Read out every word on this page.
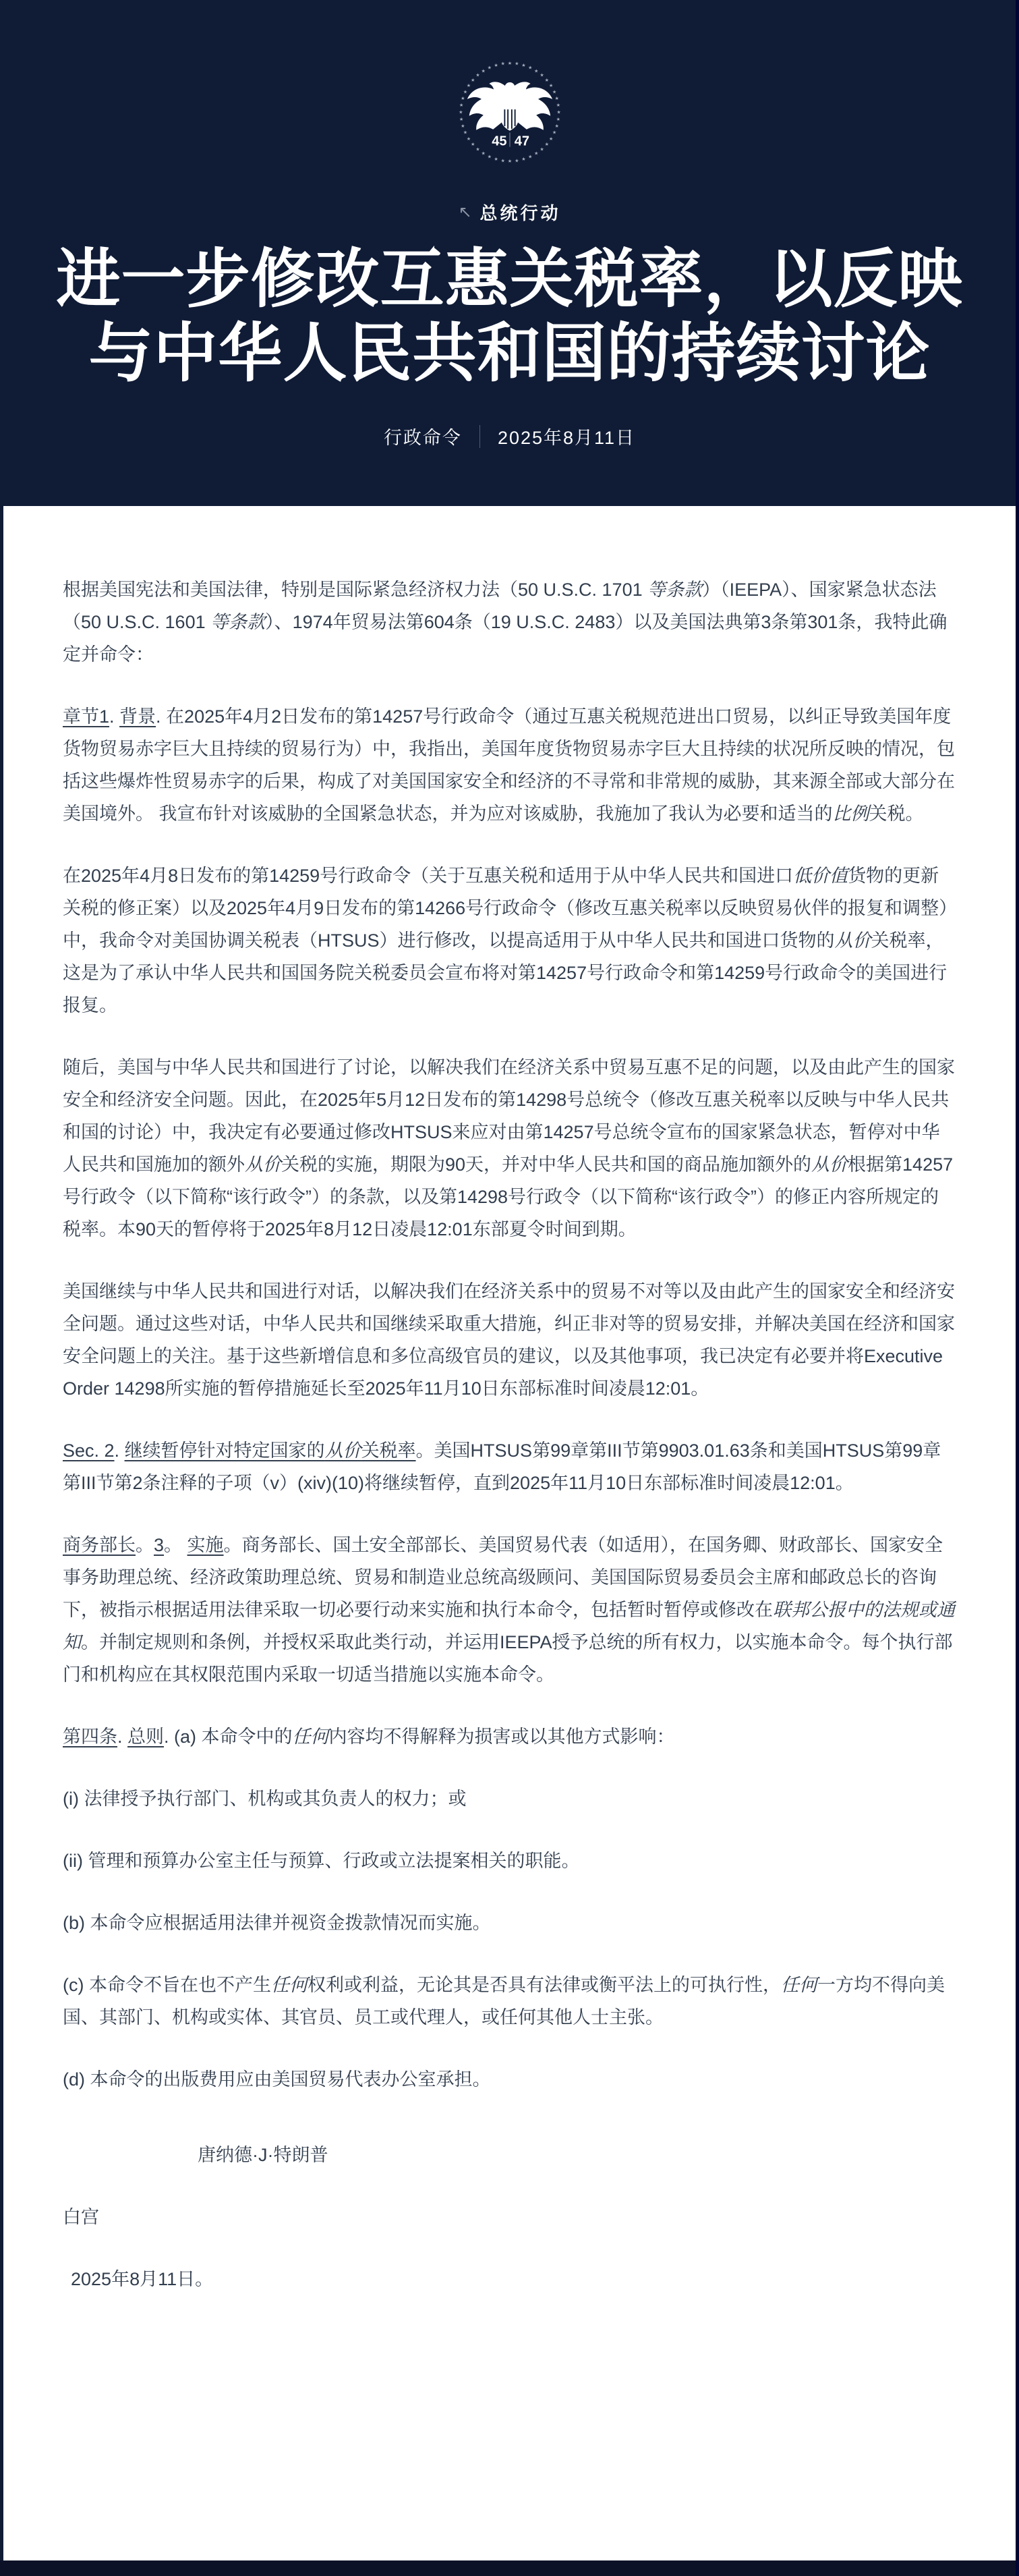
★ ★ ★ ★
★
★
★
★
★
★
★
★
★
★
★
★
★
★
★
★
★
★
★
★
★
★
★
★
★
★
★
★
★
★
★
★
★
★
★
★
★
★ ★ ★
45 47
↖ 总统行动
进一步修改互惠关税率，以反映
与中华人民共和国的持续讨论
行政命令 2025年8月11日

根据美国宪法和美国法律，特别是国际紧急经济权力法（50 U.S.C. 1701 等条款）（IEEPA）、国家紧急状态法（50 U.S.C. 1601 等条款）、1974年贸易法第604条（19 U.S.C. 2483）以及美国法典第3条第301条，我特此确定并命令：

章节1. 背景. 在2025年4月2日发布的第14257号行政命令（通过互惠关税规范进出口贸易，以纠正导致美国年度货物贸易赤字巨大且持续的贸易行为）中，我指出，美国年度货物贸易赤字巨大且持续的状况所反映的情况，包括这些爆炸性贸易赤字的后果，构成了对美国国家安全和经济的不寻常和非常规的威胁，其来源全部或大部分在美国境外。 我宣布针对该威胁的全国紧急状态，并为应对该威胁，我施加了我认为必要和适当的比例关税。

在2025年4月8日发布的第14259号行政命令（关于互惠关税和适用于从中华人民共和国进口低价值货物的更新关税的修正案）以及2025年4月9日发布的第14266号行政命令（修改互惠关税率以反映贸易伙伴的报复和调整）中，我命令对美国协调关税表（HTSUS）进行修改，以提高适用于从中华人民共和国进口货物的从价关税率，这是为了承认中华人民共和国国务院关税委员会宣布将对第14257号行政命令和第14259号行政命令的美国进行报复。

随后，美国与中华人民共和国进行了讨论，以解决我们在经济关系中贸易互惠不足的问题，以及由此产生的国家安全和经济安全问题。因此，在2025年5月12日发布的第14298号总统令（修改互惠关税率以反映与中华人民共和国的讨论）中，我决定有必要通过修改HTSUS来应对由第14257号总统令宣布的国家紧急状态，暂停对中华人民共和国施加的额外从价关税的实施，期限为90天，并对中华人民共和国的商品施加额外的从价根据第14257号行政令（以下简称“该行政令”）的条款，以及第14298号行政令（以下简称“该行政令”）的修正内容所规定的税率。本90天的暂停将于2025年8月12日凌晨12:01东部夏令时间到期。

美国继续与中华人民共和国进行对话，以解决我们在经济关系中的贸易不对等以及由此产生的国家安全和经济安全问题。通过这些对话，中华人民共和国继续采取重大措施，纠正非对等的贸易安排，并解决美国在经济和国家安全问题上的关注。基于这些新增信息和多位高级官员的建议，以及其他事项，我已决定有必要并将Executive Order 14298所实施的暂停措施延长至2025年11月10日东部标准时间凌晨12:01。

Sec. 2. 继续暂停针对特定国家的从价关税率。美国HTSUS第99章第III节第9903.01.63条和美国HTSUS第99章第III节第2条注释的子项（v）(xiv)(10)将继续暂停，直到2025年11月10日东部标准时间凌晨12:01。

商务部长。3。 实施。商务部长、国土安全部部长、美国贸易代表（如适用），在国务卿、财政部长、国家安全事务助理总统、经济政策助理总统、贸易和制造业总统高级顾问、美国国际贸易委员会主席和邮政总长的咨询下，被指示根据适用法律采取一切必要行动来实施和执行本命令，包括暂时暂停或修改在联邦公报中的法规或通知。并制定规则和条例，并授权采取此类行动，并运用IEEPA授予总统的所有权力，以实施本命令。每个执行部门和机构应在其权限范围内采取一切适当措施以实施本命令。

第四条. 总则. (a) 本命令中的任何内容均不得解释为损害或以其他方式影响：

(i) 法律授予执行部门、机构或其负责人的权力；或

(ii) 管理和预算办公室主任与预算、行政或立法提案相关的职能。

(b) 本命令应根据适用法律并视资金拨款情况而实施。

(c) 本命令不旨在也不产生任何权利或利益，无论其是否具有法律或衡平法上的可执行性，任何一方均不得向美国、其部门、机构或实体、其官员、员工或代理人，或任何其他人士主张。

(d) 本命令的出版费用应由美国贸易代表办公室承担。

唐纳德·J·特朗普

白宫

2025年8月11日。
